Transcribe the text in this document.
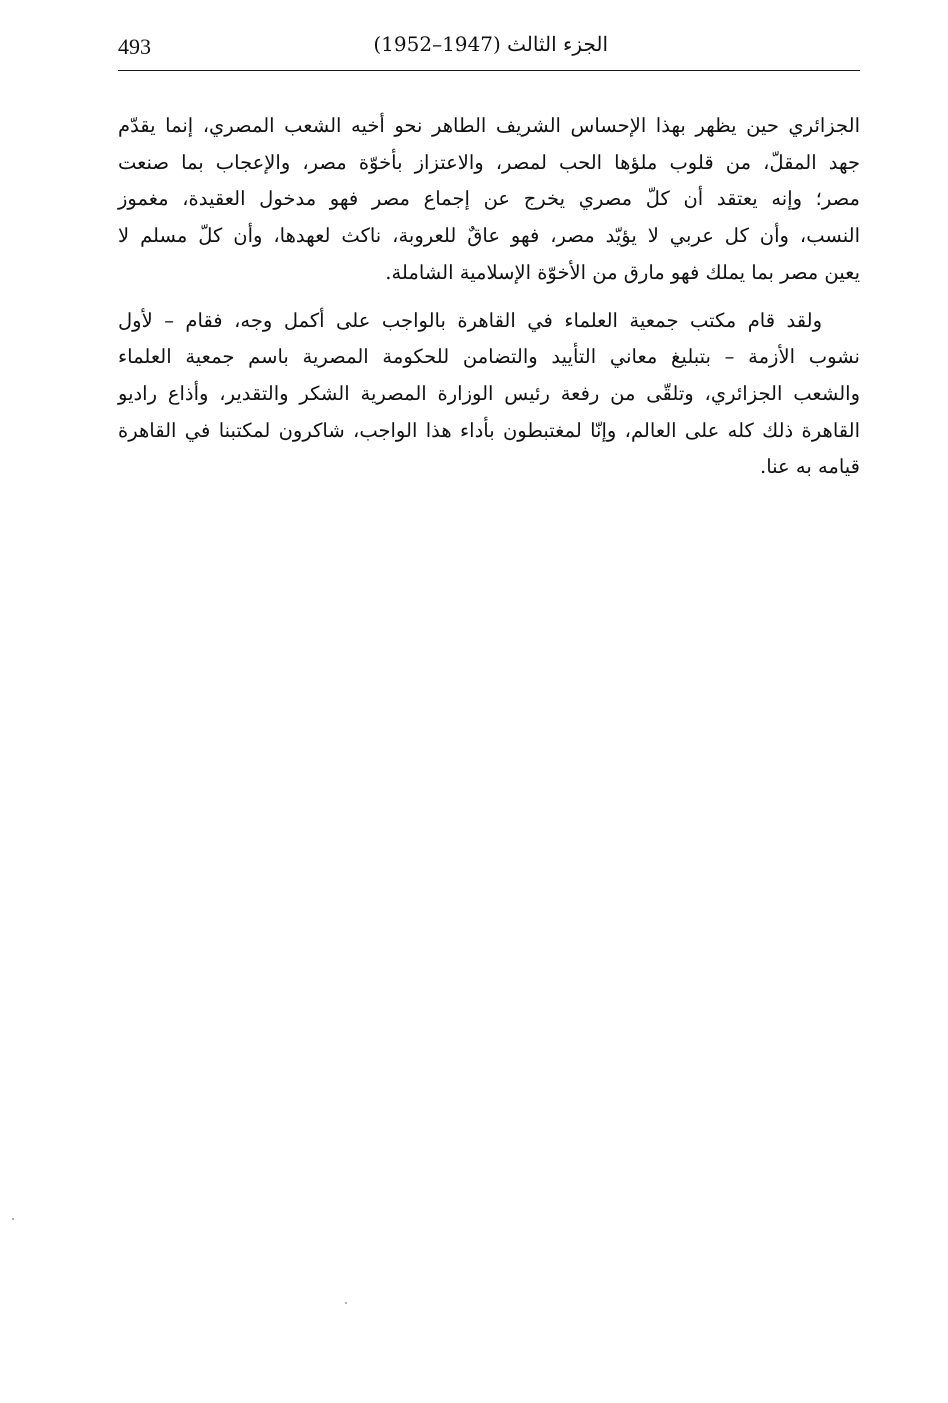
493	الجزء الثالث (1947–1952)

الجزائري حين يظهر بهذا الإحساس الشريف الطاهر نحو أخيه الشعب المصري، إنما يقدّم
جهد المقلّ، من قلوب ملؤها الحب لمصر، والاعتزاز بأخوّة مصر، والإعجاب بما صنعت
مصر؛ وإنه يعتقد أن كلّ مصري يخرج عن إجماع مصر فهو مدخول العقيدة، مغموز
النسب، وأن كل عربي لا يؤيّد مصر، فهو عاقٌ للعروبة، ناكث لعهدها، وأن كلّ مسلم لا
يعين مصر بما يملك فهو مارق من الأخوّة الإسلامية الشاملة.

ولقد قام مكتب جمعية العلماء في القاهرة بالواجب على أكمل وجه، فقام – لأول
نشوب الأزمة – بتبليغ معاني التأييد والتضامن للحكومة المصرية باسم جمعية العلماء
والشعب الجزائري، وتلقّى من رفعة رئيس الوزارة المصرية الشكر والتقدير، وأذاع راديو
القاهرة ذلك كله على العالم، وإنّا لمغتبطون بأداء هذا الواجب، شاكرون لمكتبنا في القاهرة
قيامه به عنا.
